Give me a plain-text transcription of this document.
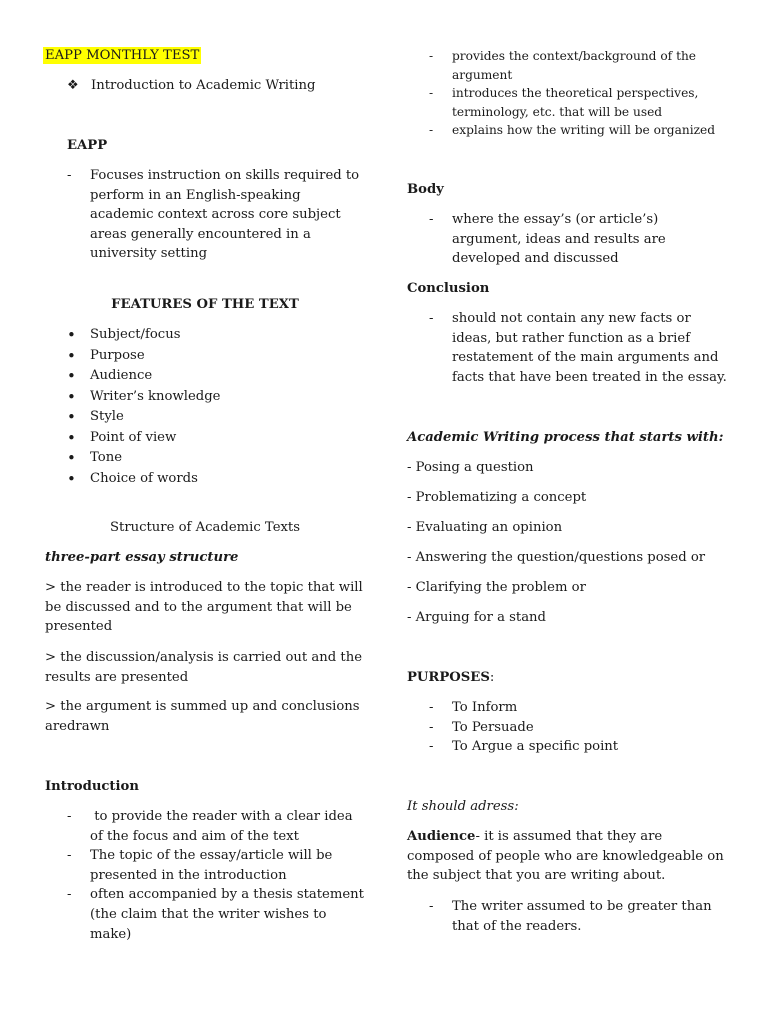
EAPP MONTHLY TEST
❖ Introduction to Academic Writing
EAPP
- Focuses instruction on skills required to perform in an English-speaking academic context across core subject areas generally encountered in a university setting
FEATURES OF THE TEXT
• Subject/focus
• Purpose
• Audience
• Writer’s knowledge
• Style
• Point of view
• Tone
• Choice of words
Structure of Academic Texts
three-part essay structure

> the reader is introduced to the topic that will be discussed and to the argument that will be presented

> the discussion/analysis is carried out and the results are presented

> the argument is summed up and conclusions aredrawn

Introduction
-  to provide the reader with a clear idea of the focus and aim of the text
- The topic of the essay/article will be presented in the introduction
- often accompanied by a thesis statement (the claim that the writer wishes to make)
- provides the context/background of the argument
- introduces the theoretical perspectives, terminology, etc. that will be used
- explains how the writing will be organized
Body
- where the essay’s (or article’s) argument, ideas and results are developed and discussed
Conclusion
- should not contain any new facts or ideas, but rather function as a brief restatement of the main arguments and facts that have been treated in the essay.
Academic Writing process that starts with:

- Posing a question

- Problematizing a concept

- Evaluating an opinion

- Answering the question/questions posed or

- Clarifying the problem or

- Arguing for a stand

PURPOSES:
- To Inform
- To Persuade
- To Argue a specific point
It should adress:

Audience- it is assumed that they are composed of people who are knowledgeable on the subject that you are writing about.

- The writer assumed to be greater than that of the readers.
